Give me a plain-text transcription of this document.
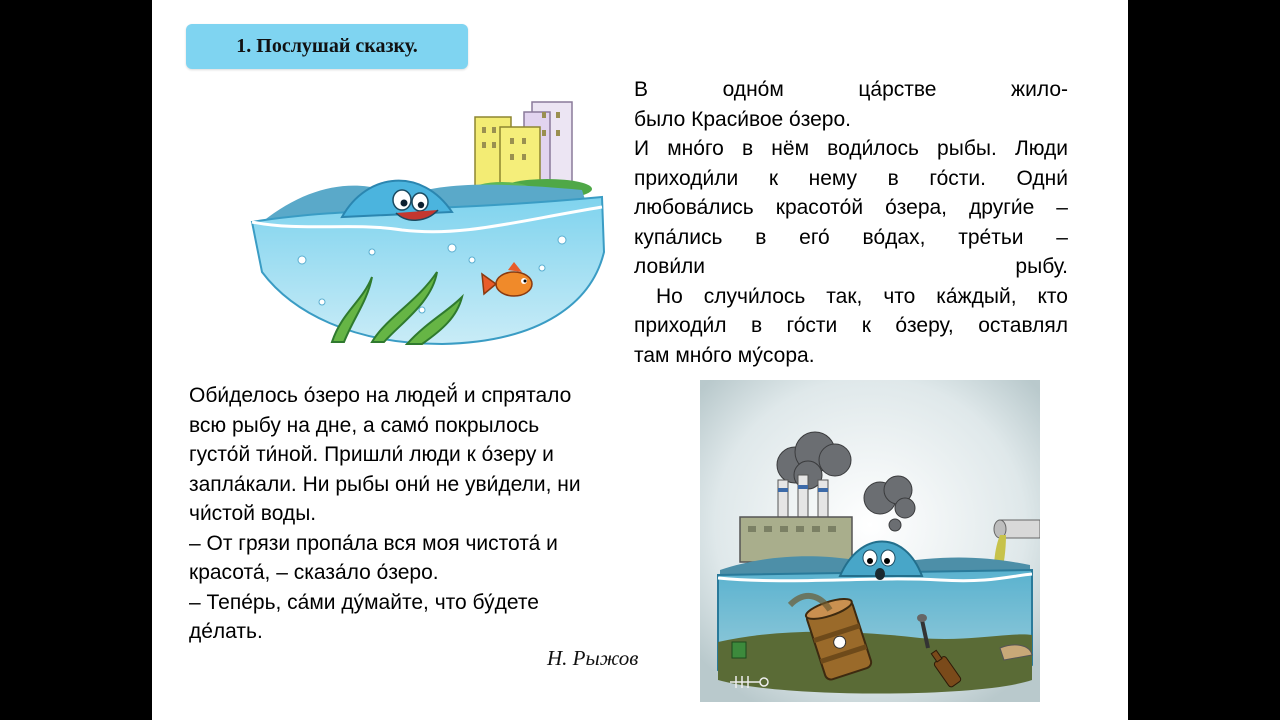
1. Послушай сказку.
В одно́м ца́рстве жило-
было Краси́вое о́зеро.
И мно́го в нём води́лось рыбы. Люди
приходи́ли к нему в го́сти. Одни́
любова́лись красото́й о́зера, други́е –
купа́лись в его́ во́дах, тре́тьи –
лови́ли рыбу.
Но случи́лось так, что ка́ждый, кто
приходи́л в го́сти к о́зеру, оставлял
там мно́го му́сора.
Оби́делось о́зеро на людей́ и спрятало
всю рыбу на дне, а само́ покрылось
густо́й ти́ной. Пришли́ люди к о́зеру и
запла́кали. Ни рыбы они́ не уви́дели, ни
чи́стой воды.
– От грязи пропа́ла вся моя чистота́ и
красота́, – сказа́ло о́зеро.
– Тепе́рь, са́ми ду́майте, что бу́дете
де́лать.
Н. Рыжов
